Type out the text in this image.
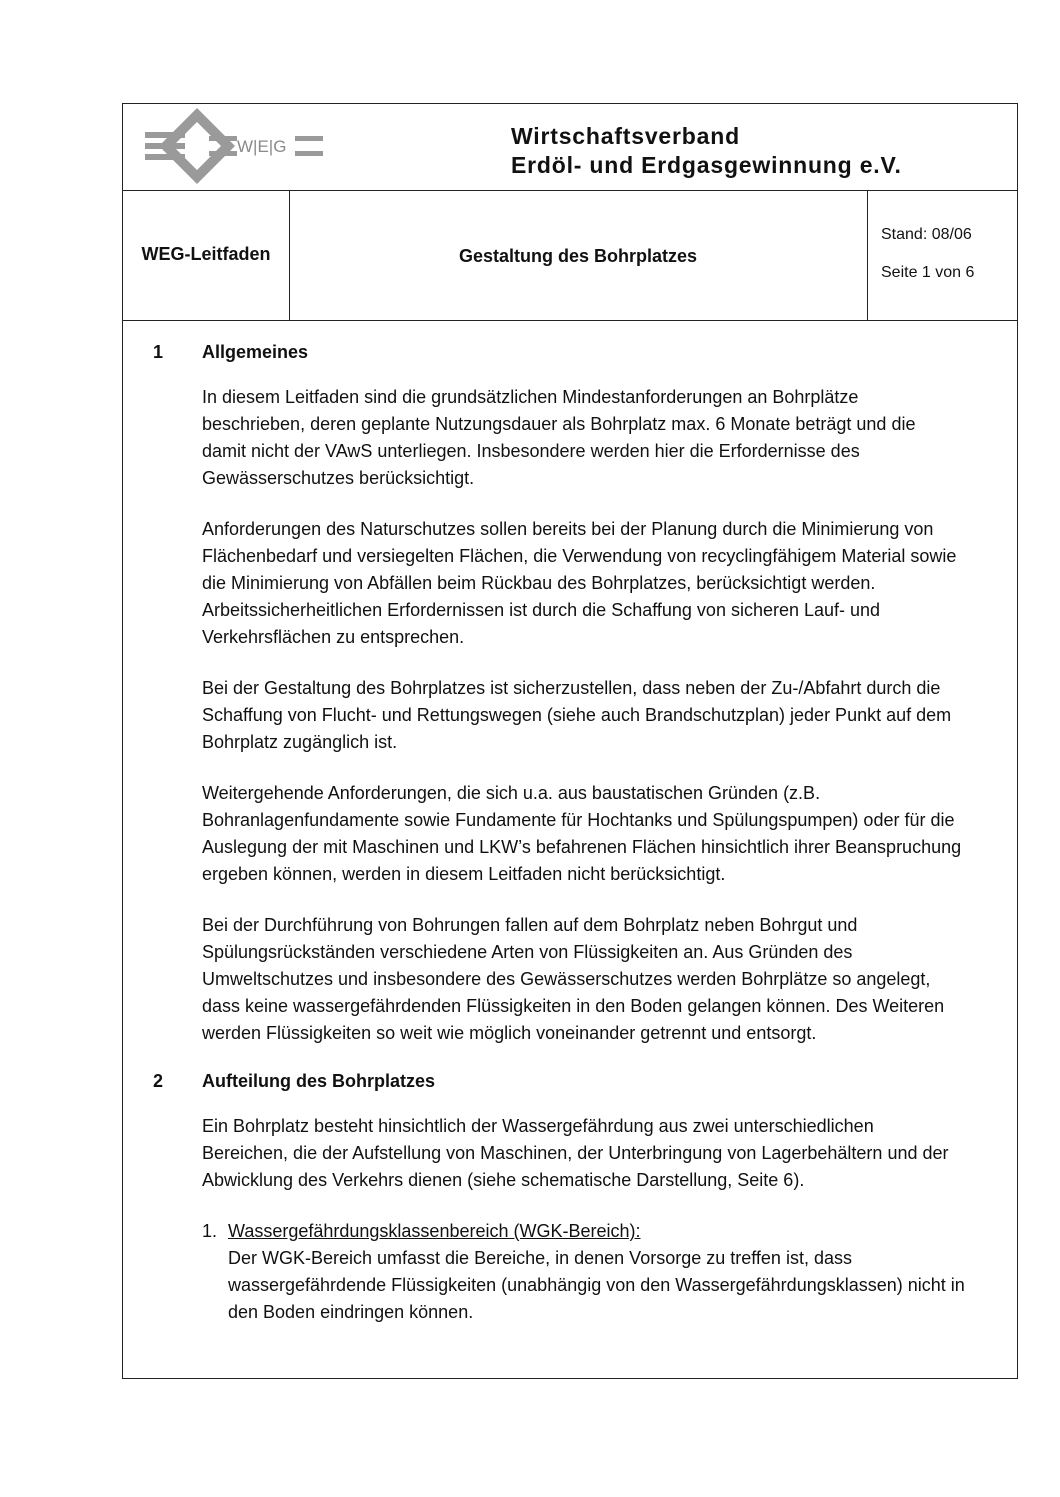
W|E|G	Wirtschaftsverband
Erdöl- und Erdgasgewinnung e.V.
WEG-Leitfaden	Gestaltung des Bohrplatzes
Stand: 08/06
Seite 1 von 6
1 Allgemeines

In diesem Leitfaden sind die grundsätzlichen Mindestanforderungen an Bohrplätze beschrieben, deren geplante Nutzungsdauer als Bohrplatz max. 6 Monate beträgt und die damit nicht der VAwS unterliegen. Insbesondere werden hier die Erfordernisse des Gewässerschutzes berücksichtigt.

Anforderungen des Naturschutzes sollen bereits bei der Planung durch die Minimierung von Flächenbedarf und versiegelten Flächen, die Verwendung von recyclingfähigem Material sowie die Minimierung von Abfällen beim Rückbau des Bohrplatzes, berücksichtigt werden. Arbeitssicherheitlichen Erfordernissen ist durch die Schaffung von sicheren Lauf- und Verkehrsflächen zu entsprechen.

Bei der Gestaltung des Bohrplatzes ist sicherzustellen, dass neben der Zu-/Abfahrt durch die Schaffung von Flucht- und Rettungswegen (siehe auch Brandschutzplan) jeder Punkt auf dem Bohrplatz zugänglich ist.

Weitergehende Anforderungen, die sich u.a. aus baustatischen Gründen (z.B. Bohranlagenfundamente sowie Fundamente für Hochtanks und Spülungspumpen) oder für die Auslegung der mit Maschinen und LKW’s befahrenen Flächen hinsichtlich ihrer Beanspruchung ergeben können, werden in diesem Leitfaden nicht berücksichtigt.

Bei der Durchführung von Bohrungen fallen auf dem Bohrplatz neben Bohrgut und Spülungsrückständen verschiedene Arten von Flüssigkeiten an. Aus Gründen des Umweltschutzes und insbesondere des Gewässerschutzes werden Bohrplätze so angelegt, dass keine wassergefährdenden Flüssigkeiten in den Boden gelangen können. Des Weiteren werden Flüssigkeiten so weit wie möglich voneinander getrennt und entsorgt.

2 Aufteilung des Bohrplatzes

Ein Bohrplatz besteht hinsichtlich der Wassergefährdung aus zwei unterschiedlichen Bereichen, die der Aufstellung von Maschinen, der Unterbringung von Lagerbehältern und der Abwicklung des Verkehrs dienen (siehe schematische Darstellung, Seite 6).

1. Wassergefährdungsklassenbereich (WGK-Bereich):
Der WGK-Bereich umfasst die Bereiche, in denen Vorsorge zu treffen ist, dass wassergefährdende Flüssigkeiten (unabhängig von den Wassergefährdungsklassen) nicht in den Boden eindringen können.
